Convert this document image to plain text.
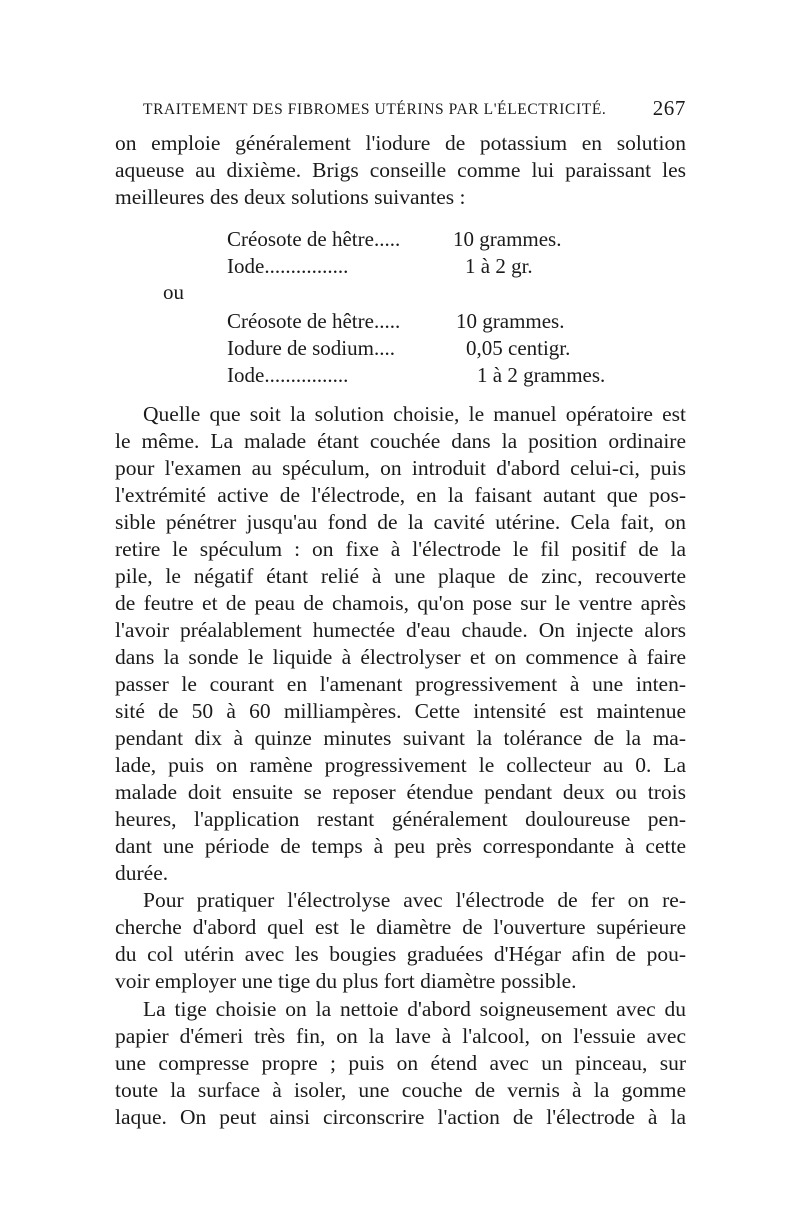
TRAITEMENT DES FIBROMES UTÉRINS PAR L'ÉLECTRICITÉ. 267
on emploie généralement l'iodure de potassium en solution
aqueuse au dixième. Brigs conseille comme lui paraissant les
meilleures des deux solutions suivantes :
Créosote de hêtre.....	10 grammes.
Iode................	1 à 2 gr.
ou
Créosote de hêtre.....	10 grammes.
Iodure de sodium....	0,05 centigr.
Iode................	1 à 2 grammes.
Quelle que soit la solution choisie, le manuel opératoire est
le même. La malade étant couchée dans la position ordinaire
pour l'examen au spéculum, on introduit d'abord celui-ci, puis
l'extrémité active de l'électrode, en la faisant autant que pos-
sible pénétrer jusqu'au fond de la cavité utérine. Cela fait, on
retire le spéculum : on fixe à l'électrode le fil positif de la
pile, le négatif étant relié à une plaque de zinc, recouverte
de feutre et de peau de chamois, qu'on pose sur le ventre après
l'avoir préalablement humectée d'eau chaude. On injecte alors
dans la sonde le liquide à électrolyser et on commence à faire
passer le courant en l'amenant progressivement à une inten-
sité de 50 à 60 milliampères. Cette intensité est maintenue
pendant dix à quinze minutes suivant la tolérance de la ma-
lade, puis on ramène progressivement le collecteur au 0. La
malade doit ensuite se reposer étendue pendant deux ou trois
heures, l'application restant généralement douloureuse pen-
dant une période de temps à peu près correspondante à cette
durée.
Pour pratiquer l'électrolyse avec l'électrode de fer on re-
cherche d'abord quel est le diamètre de l'ouverture supérieure
du col utérin avec les bougies graduées d'Hégar afin de pou-
voir employer une tige du plus fort diamètre possible.
La tige choisie on la nettoie d'abord soigneusement avec du
papier d'émeri très fin, on la lave à l'alcool, on l'essuie avec
une compresse propre ; puis on étend avec un pinceau, sur
toute la surface à isoler, une couche de vernis à la gomme
laque. On peut ainsi circonscrire l'action de l'électrode à la
